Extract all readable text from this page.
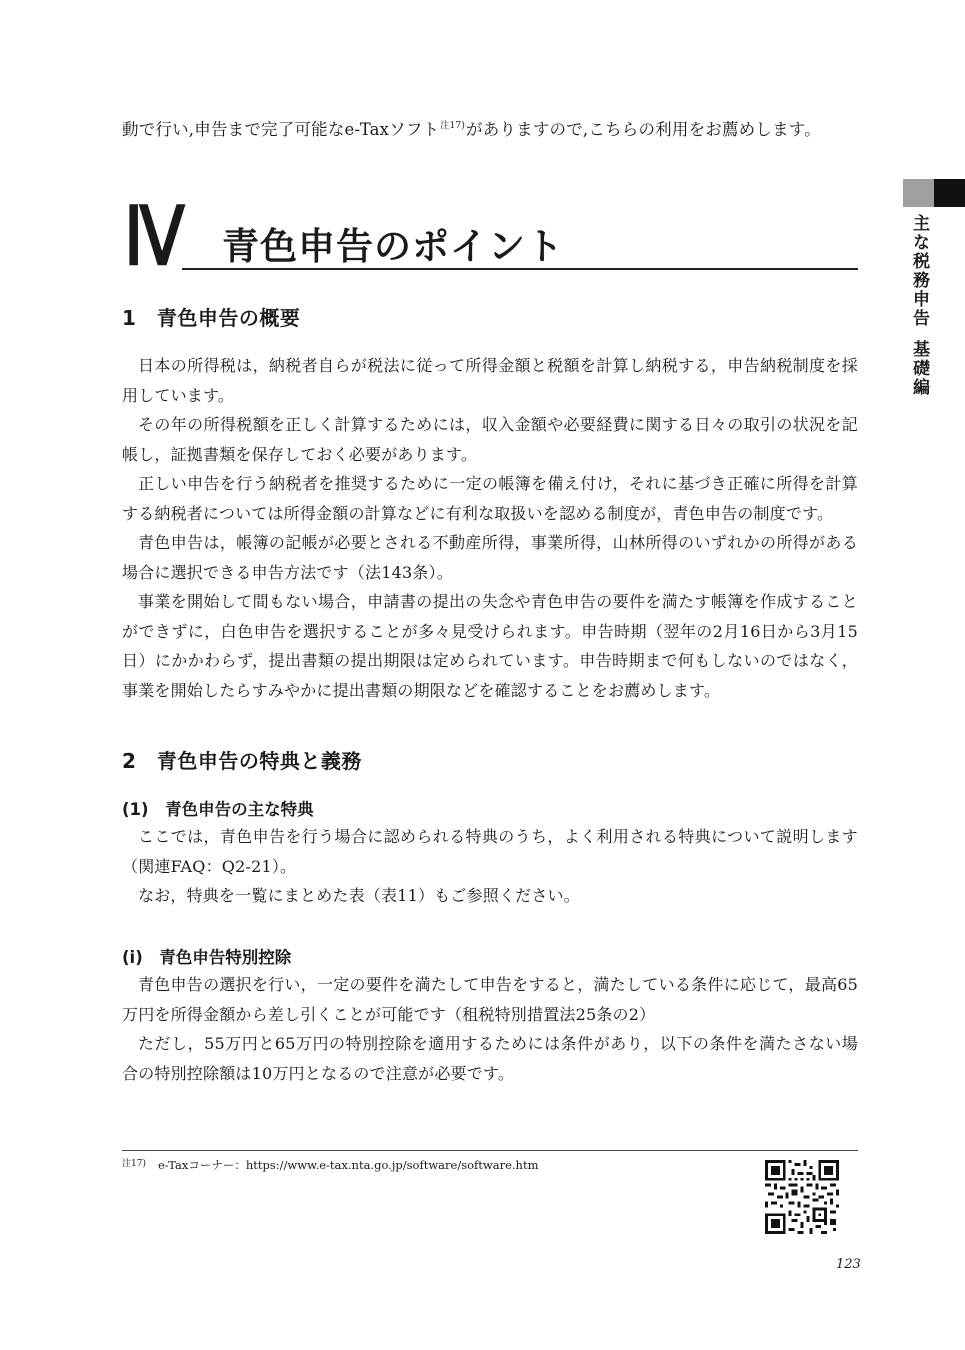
動で行い,申告まで完了可能なe-Taxソフト$^{注17)}$がありますので,こちらの利用をお薦めします。
主な税務申告基礎編
Ⅳ 青色申告のポイント
1　青色申告の概要

日本の所得税は，納税者自らが税法に従って所得金額と税額を計算し納税する，申告納税制度を採用しています。

その年の所得税額を正しく計算するためには，収入金額や必要経費に関する日々の取引の状況を記帳し，証拠書類を保存しておく必要があります。

正しい申告を行う納税者を推奨するために一定の帳簿を備え付け，それに基づき正確に所得を計算する納税者については所得金額の計算などに有利な取扱いを認める制度が，青色申告の制度です。

青色申告は，帳簿の記帳が必要とされる不動産所得，事業所得，山林所得のいずれかの所得がある場合に選択できる申告方法です（法143条）。

事業を開始して間もない場合，申請書の提出の失念や青色申告の要件を満たす帳簿を作成することができずに，白色申告を選択することが多々見受けられます。申告時期（翌年の2月16日から3月15日）にかかわらず，提出書類の提出期限は定められています。申告時期まで何もしないのではなく，事業を開始したらすみやかに提出書類の期限などを確認することをお薦めします。

2　青色申告の特典と義務
(1)　青色申告の主な特典

ここでは，青色申告を行う場合に認められる特典のうち，よく利用される特典について説明します（関連FAQ：Q2-21）。

なお，特典を一覧にまとめた表（表11）もご参照ください。

(ⅰ)　青色申告特別控除

青色申告の選択を行い，一定の要件を満たして申告をすると，満たしている条件に応じて，最高65万円を所得金額から差し引くことが可能です（租税特別措置法25条の2）

ただし，55万円と65万円の特別控除を適用するためには条件があり，以下の条件を満たさない場合の特別控除額は10万円となるので注意が必要です。

$^{注17)}$ e-Taxコーナー：https://www.e-tax.nta.go.jp/software/software.htm
123
